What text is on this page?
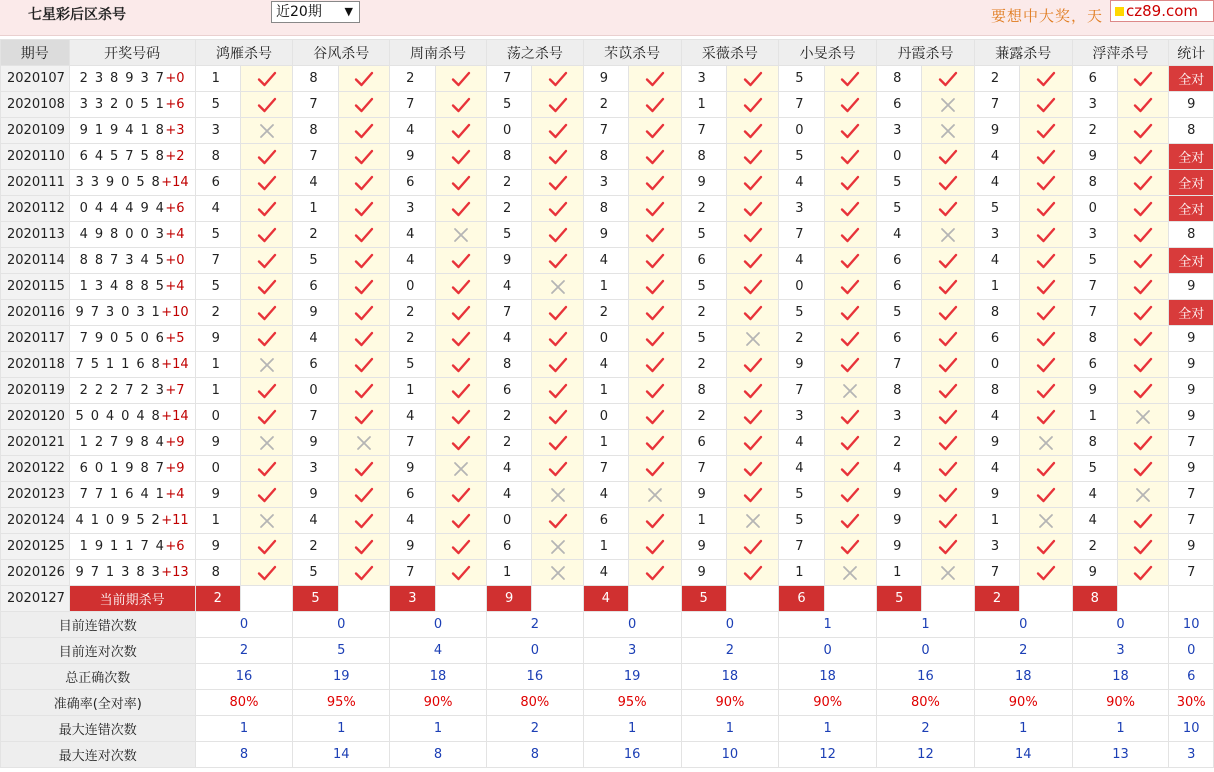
七星彩后区杀号	近20期 ▼	要想中大奖，天	cz89.com
期号	开奖号码	鸿雁杀号		谷风杀号		周南杀号		荡之杀号		芣苡杀号		采薇杀号		小旻杀号		丹霞杀号		蒹露杀号		浮萍杀号		统计
2020107	2 3 8 9 3 7+0	1		8		2		7		9		3		5		8		2		6		全对
2020108	3 3 2 0 5 1+6	5		7		7		5		2		1		7		6		7		3		9
2020109	9 1 9 4 1 8+3	3		8		4		0		7		7		0		3		9		2		8
2020110	6 4 5 7 5 8+2	8		7		9		8		8		8		5		0		4		9		全对
2020111	3 3 9 0 5 8+14	6		4		6		2		3		9		4		5		4		8		全对
2020112	0 4 4 4 9 4+6	4		1		3		2		8		2		3		5		5		0		全对
2020113	4 9 8 0 0 3+4	5		2		4		5		9		5		7		4		3		3		8
2020114	8 8 7 3 4 5+0	7		5		4		9		4		6		4		6		4		5		全对
2020115	1 3 4 8 8 5+4	5		6		0		4		1		5		0		6		1		7		9
2020116	9 7 3 0 3 1+10	2		9		2		7		2		2		5		5		8		7		全对
2020117	7 9 0 5 0 6+5	9		4		2		4		0		5		2		6		6		8		9
2020118	7 5 1 1 6 8+14	1		6		5		8		4		2		9		7		0		6		9
2020119	2 2 2 7 2 3+7	1		0		1		6		1		8		7		8		8		9		9
2020120	5 0 4 0 4 8+14	0		7		4		2		0		2		3		3		4		1		9
2020121	1 2 7 9 8 4+9	9		9		7		2		1		6		4		2		9		8		7
2020122	6 0 1 9 8 7+9	0		3		9		4		7		7		4		4		4		5		9
2020123	7 7 1 6 4 1+4	9		9		6		4		4		9		5		9		9		4		7
2020124	4 1 0 9 5 2+11	1		4		4		0		6		1		5		9		1		4		7
2020125	1 9 1 1 7 4+6	9		2		9		6		1		9		7		9		3		2		9
2020126	9 7 1 3 8 3+13	8		5		7		1		4		9		1		1		7		9		7
2020127	当前期杀号	2		5		3		9		4		5		6		5		2		8		
目前连错次数		0		0		0		2		0		0		1		1		0		0		10
目前连对次数		2		5		4		0		3		2		0		0		2		3		0
总正确次数		16		19		18		16		19		18		18		16		18		18		6
准确率(全对率)		80%		95%		90%		80%		95%		90%		90%		80%		90%		90%		30%
最大连错次数		1		1		1		2		1		1		1		2		1		1		10
最大连对次数		8		14		8		8		16		10		12		12		14		13		3
